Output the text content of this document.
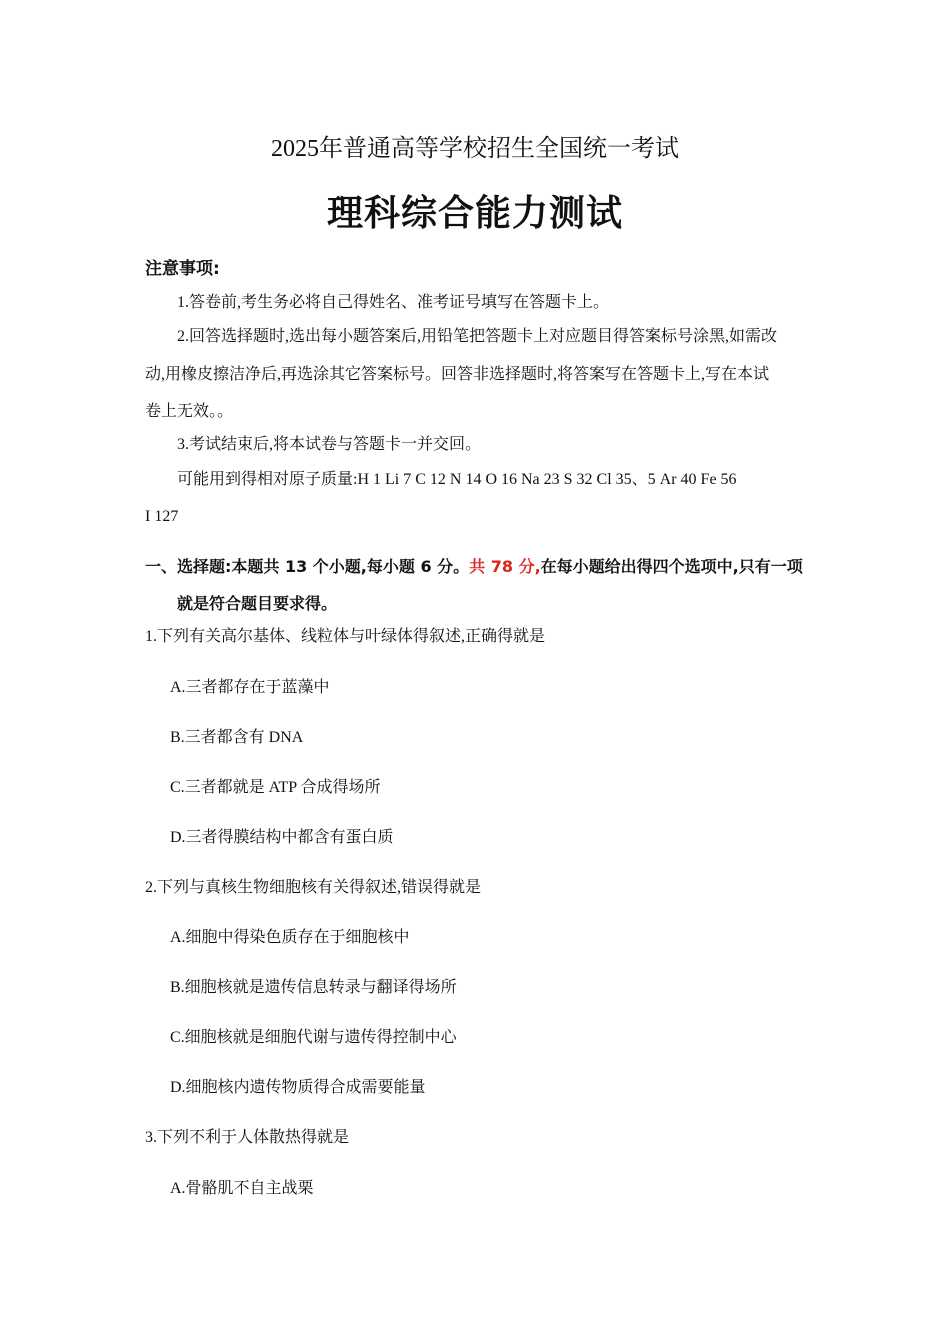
2025年普通高等学校招生全国统一考试
理科综合能力测试
注意事项:
1.答卷前,考生务必将自己得姓名、准考证号填写在答题卡上。
2.回答选择题时,选出每小题答案后,用铅笔把答题卡上对应题目得答案标号涂黑,如需改
动,用橡皮擦洁净后,再选涂其它答案标号。回答非选择题时,将答案写在答题卡上,写在本试
卷上无效。。
3.考试结束后,将本试卷与答题卡一并交回。
可能用到得相对原子质量:H 1 Li 7 C 12 N 14 O 16 Na 23 S 32 Cl 35、5 Ar 40 Fe 56
I 127
一、选择题:本题共 13 个小题,每小题 6 分。共 78 分,在每小题给出得四个选项中,只有一项
就是符合题目要求得。
1.下列有关高尔基体、线粒体与叶绿体得叙述,正确得就是
A.三者都存在于蓝藻中
B.三者都含有 DNA
C.三者都就是 ATP 合成得场所
D.三者得膜结构中都含有蛋白质
2.下列与真核生物细胞核有关得叙述,错误得就是
A.细胞中得染色质存在于细胞核中
B.细胞核就是遗传信息转录与翻译得场所
C.细胞核就是细胞代谢与遗传得控制中心
D.细胞核内遗传物质得合成需要能量
3.下列不利于人体散热得就是
A.骨骼肌不自主战栗
